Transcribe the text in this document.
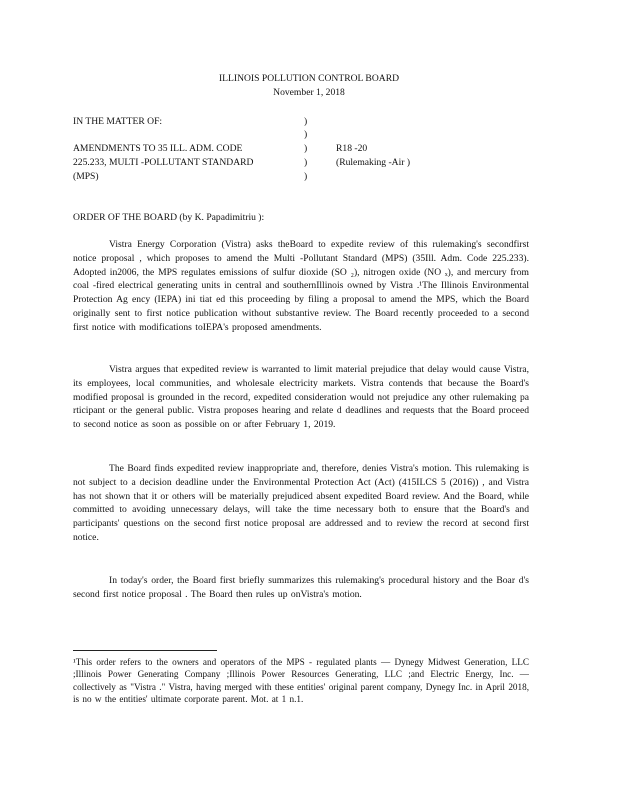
ILLINOIS POLLUTION CONTROL BOARD
November 1, 2018
IN THE MATTER OF:
AMENDMENTS TO 35 ILL. ADM. CODE
225.233, MULTI -POLLUTANT STANDARD
(MPS)
)
)
)
)
)
R18 -20
(Rulemaking -Air )
ORDER OF THE BOARD (by K. Papadimitriu ):
Vistra Energy Corporation (Vistra) asks theBoard to expedite review of this rulemaking's secondfirst notice proposal , which proposes to amend the Multi -Pollutant Standard (MPS) (35Ill. Adm. Code 225.233). Adopted in2006, the MPS regulates emissions of sulfur dioxide (SO ₂), nitrogen oxide (NO ₓ), and mercury from coal -fired electrical generating units in central and southernIllinois owned by Vistra .¹The Illinois Environmental Protection Ag ency (IEPA) ini tiat ed this proceeding by filing a proposal to amend the MPS, which the Board originally sent to first notice publication without substantive review. The Board recently proceeded to a second first notice with modifications toIEPA's proposed amendments.
Vistra argues that expedited review is warranted to limit material prejudice that delay would cause Vistra, its employees, local communities, and wholesale electricity markets. Vistra contends that because the Board's modified proposal is grounded in the record, expedited consideration would not prejudice any other rulemaking pa rticipant or the general public. Vistra proposes hearing and relate d deadlines and requests that the Board proceed to second notice as soon as possible on or after February 1, 2019.
The Board finds expedited review inappropriate and, therefore, denies Vistra's motion. This rulemaking is not subject to a decision deadline under the Environmental Protection Act (Act) (415ILCS 5 (2016)) , and Vistra has not shown that it or others will be materially prejudiced absent expedited Board review. And the Board, while committed to avoiding unnecessary delays, will take the time necessary both to ensure that the Board's and participants' questions on the second first notice proposal are addressed and to review the record at second first notice.
In today's order, the Board first briefly summarizes this rulemaking's procedural history and the Boar d's second first notice proposal . The Board then rules up onVistra's motion.
¹This order refers to the owners and operators of the MPS - regulated plants — Dynegy Midwest Generation, LLC ;Illinois Power Generating Company ;Illinois Power Resources Generating, LLC ;and Electric Energy, Inc. — collectively as "Vistra ." Vistra, having merged with these entities' original parent company, Dynegy Inc. in April 2018, is no w the entities' ultimate corporate parent. Mot. at 1 n.1.
